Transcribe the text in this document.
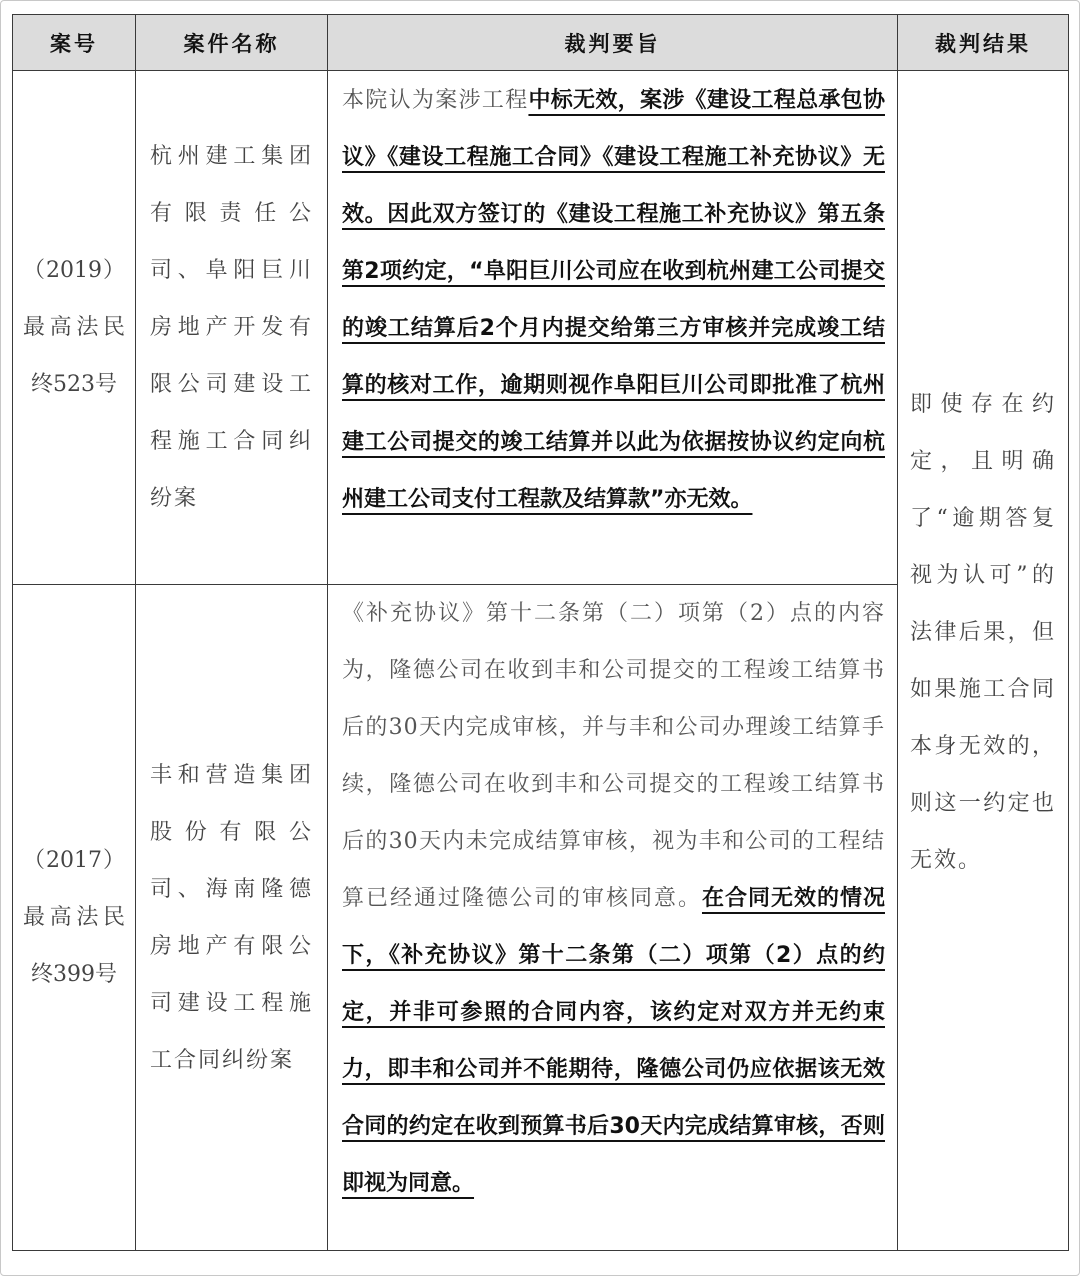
案号	案件名称	裁判要旨	裁判结果
（2019）最高法民终523号	杭州建工集团有限责任公司、阜阳巨川房地产开发有限公司建设工程施工合同纠纷案	本院认为案涉工程中标无效，案涉《建设工程总承包协议》《建设工程施工合同》《建设工程施工补充协议》无效。因此双方签订的《建设工程施工补充协议》第五条第2项约定，“阜阳巨川公司应在收到杭州建工公司提交的竣工结算后2个月内提交给第三方审核并完成竣工结算的核对工作，逾期则视作阜阳巨川公司即批准了杭州建工公司提交的竣工结算并以此为依据按协议约定向杭州建工公司支付工程款及结算款”亦无效。	即使存在约定，且明确了“逾期答复视为认可”的法律后果，但如果施工合同本身无效的，则这一约定也无效。

（2017）最高法民终399号	丰和营造集团股份有限公司、海南隆德房地产有限公司建设工程施工合同纠纷案	《补充协议》第十二条第（二）项第（2）点的内容为，隆德公司在收到丰和公司提交的工程竣工结算书后的30天内完成审核，并与丰和公司办理竣工结算手续，隆德公司在收到丰和公司提交的工程竣工结算书后的30天内未完成结算审核，视为丰和公司的工程结算已经通过隆德公司的审核同意。在合同无效的情况下，《补充协议》第十二条第（二）项第（2）点的约定，并非可参照的合同内容，该约定对双方并无约束力，即丰和公司并不能期待，隆德公司仍应依据该无效合同的约定在收到预算书后30天内完成结算审核，否则即视为同意。	
